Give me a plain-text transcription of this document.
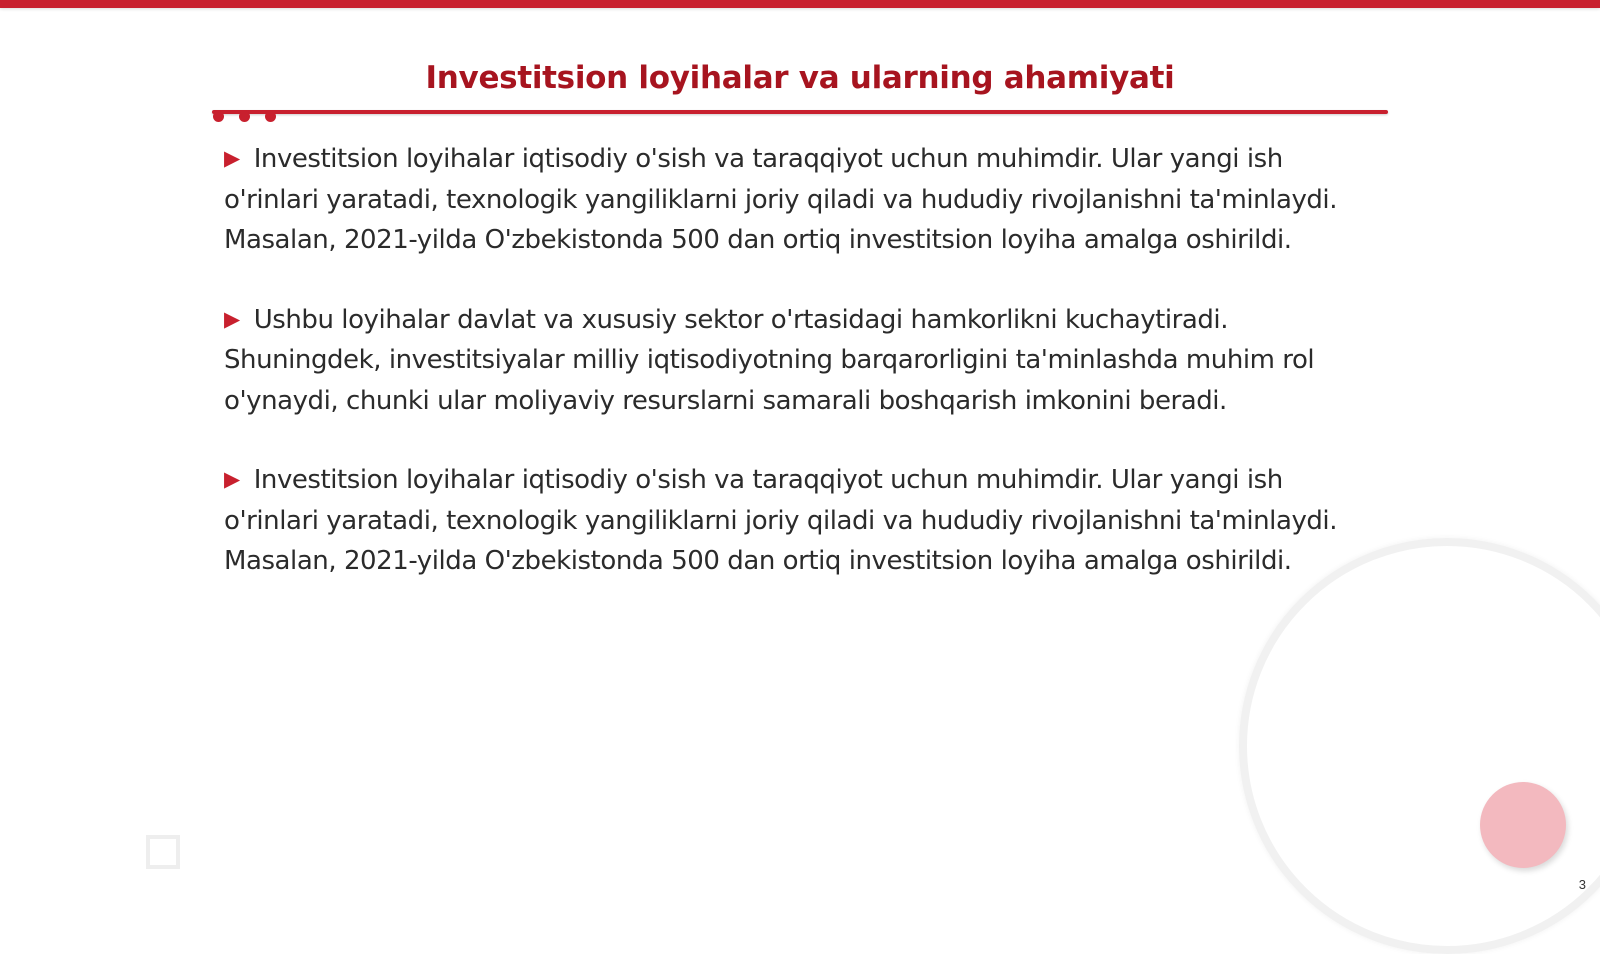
Investitsion loyihalar va ularning ahamiyati

▶ Investitsion loyihalar iqtisodiy o'sish va taraqqiyot uchun muhimdir. Ular yangi ish o'rinlari yaratadi, texnologik yangiliklarni joriy qiladi va hududiy rivojlanishni ta'minlaydi. Masalan, 2021-yilda O'zbekistonda 500 dan ortiq investitsion loyiha amalga oshirildi.

▶ Ushbu loyihalar davlat va xususiy sektor o'rtasidagi hamkorlikni kuchaytiradi. Shuningdek, investitsiyalar milliy iqtisodiyotning barqarorligini ta'minlashda muhim rol o'ynaydi, chunki ular moliyaviy resurslarni samarali boshqarish imkonini beradi.

▶ Investitsion loyihalar iqtisodiy o'sish va taraqqiyot uchun muhimdir. Ular yangi ish o'rinlari yaratadi, texnologik yangiliklarni joriy qiladi va hududiy rivojlanishni ta'minlaydi. Masalan, 2021-yilda O'zbekistonda 500 dan ortiq investitsion loyiha amalga oshirildi.

3
